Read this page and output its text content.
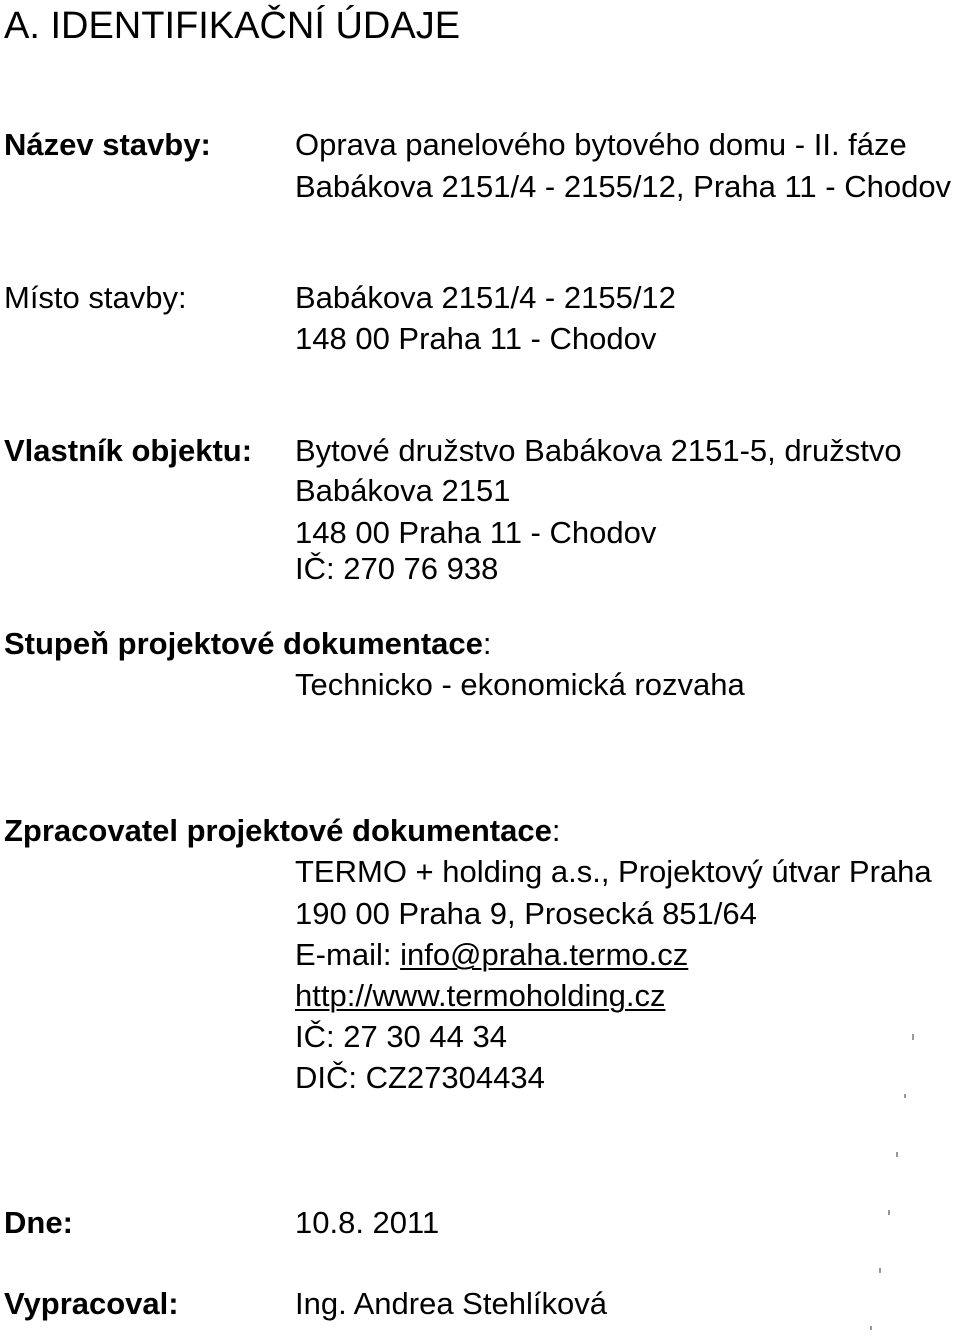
A. IDENTIFIKAČNÍ ÚDAJE
Název stavby:	Oprava panelového bytového domu - II. fáze
Babákova 2151/4 - 2155/12, Praha 11 - Chodov
Místo stavby:	Babákova 2151/4 - 2155/12
148 00 Praha 11 - Chodov
Vlastník objektu: Bytové družstvo Babákova 2151-5, družstvo
Babákova 2151
148 00 Praha 11 - Chodov
IČ: 270 76 938
Stupeň projektové dokumentace:
Technicko - ekonomická rozvaha
Zpracovatel projektové dokumentace:
TERMO + holding a.s., Projektový útvar Praha
190 00 Praha 9, Prosecká 851/64
E-mail: info@praha.termo.cz
http://www.termoholding.cz
IČ: 27 30 44 34
DIČ: CZ27304434
Dne:	10.8. 2011
Vypracoval:	Ing. Andrea Stehlíková
